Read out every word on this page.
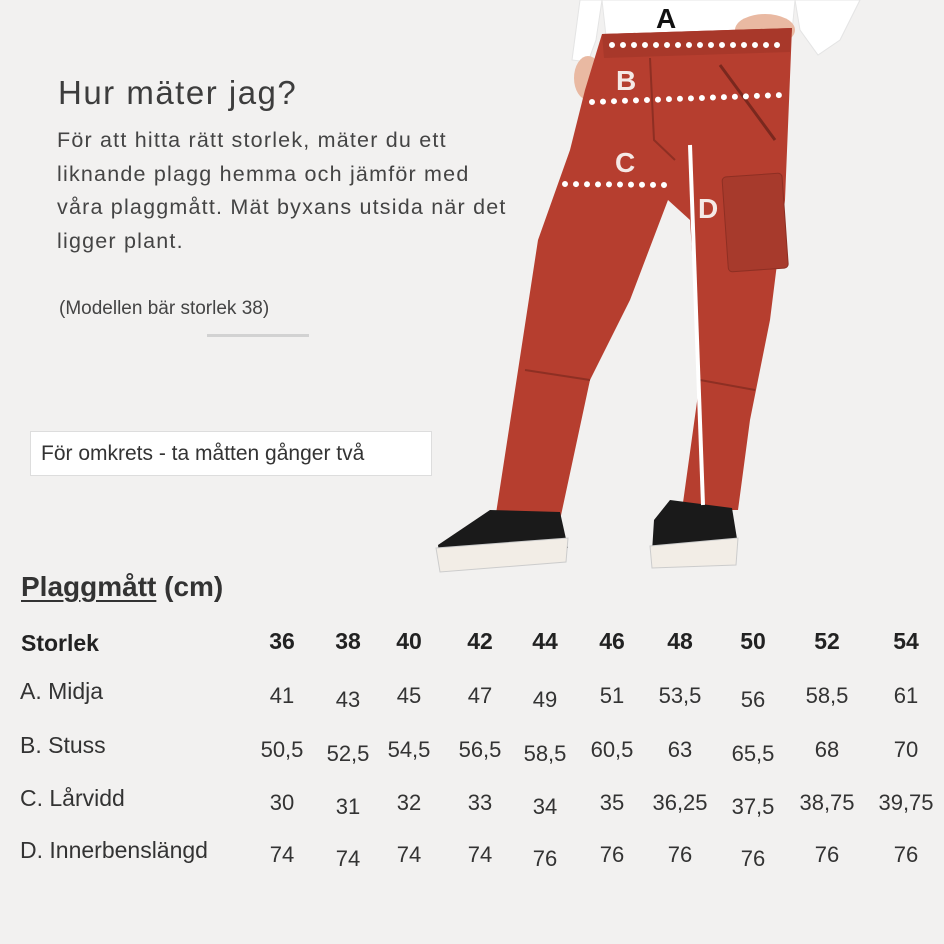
Hur mäter jag?
För att hitta rätt storlek, mäter du ett liknande plagg hemma och jämför med våra plaggmått. Mät byxans utsida när det ligger plant.
(Modellen bär storlek 38)
För omkrets - ta måtten gånger två
A
B
C
D
Plaggmått (cm)
Storlek	36 38 40 42 44 46 48 50 52 54
A. Midja	41 43 45 47 49 51 53,5 56 58,5 61
B. Stuss	50,5 52,5 54,5 56,5 58,5 60,5 63 65,5 68 70
C. Lårvidd	30 31 32 33 34 35 36,25 37,5 38,75 39,75
D. Innerbenslängd	74 74 74 74 76 76 76 76 76 76
